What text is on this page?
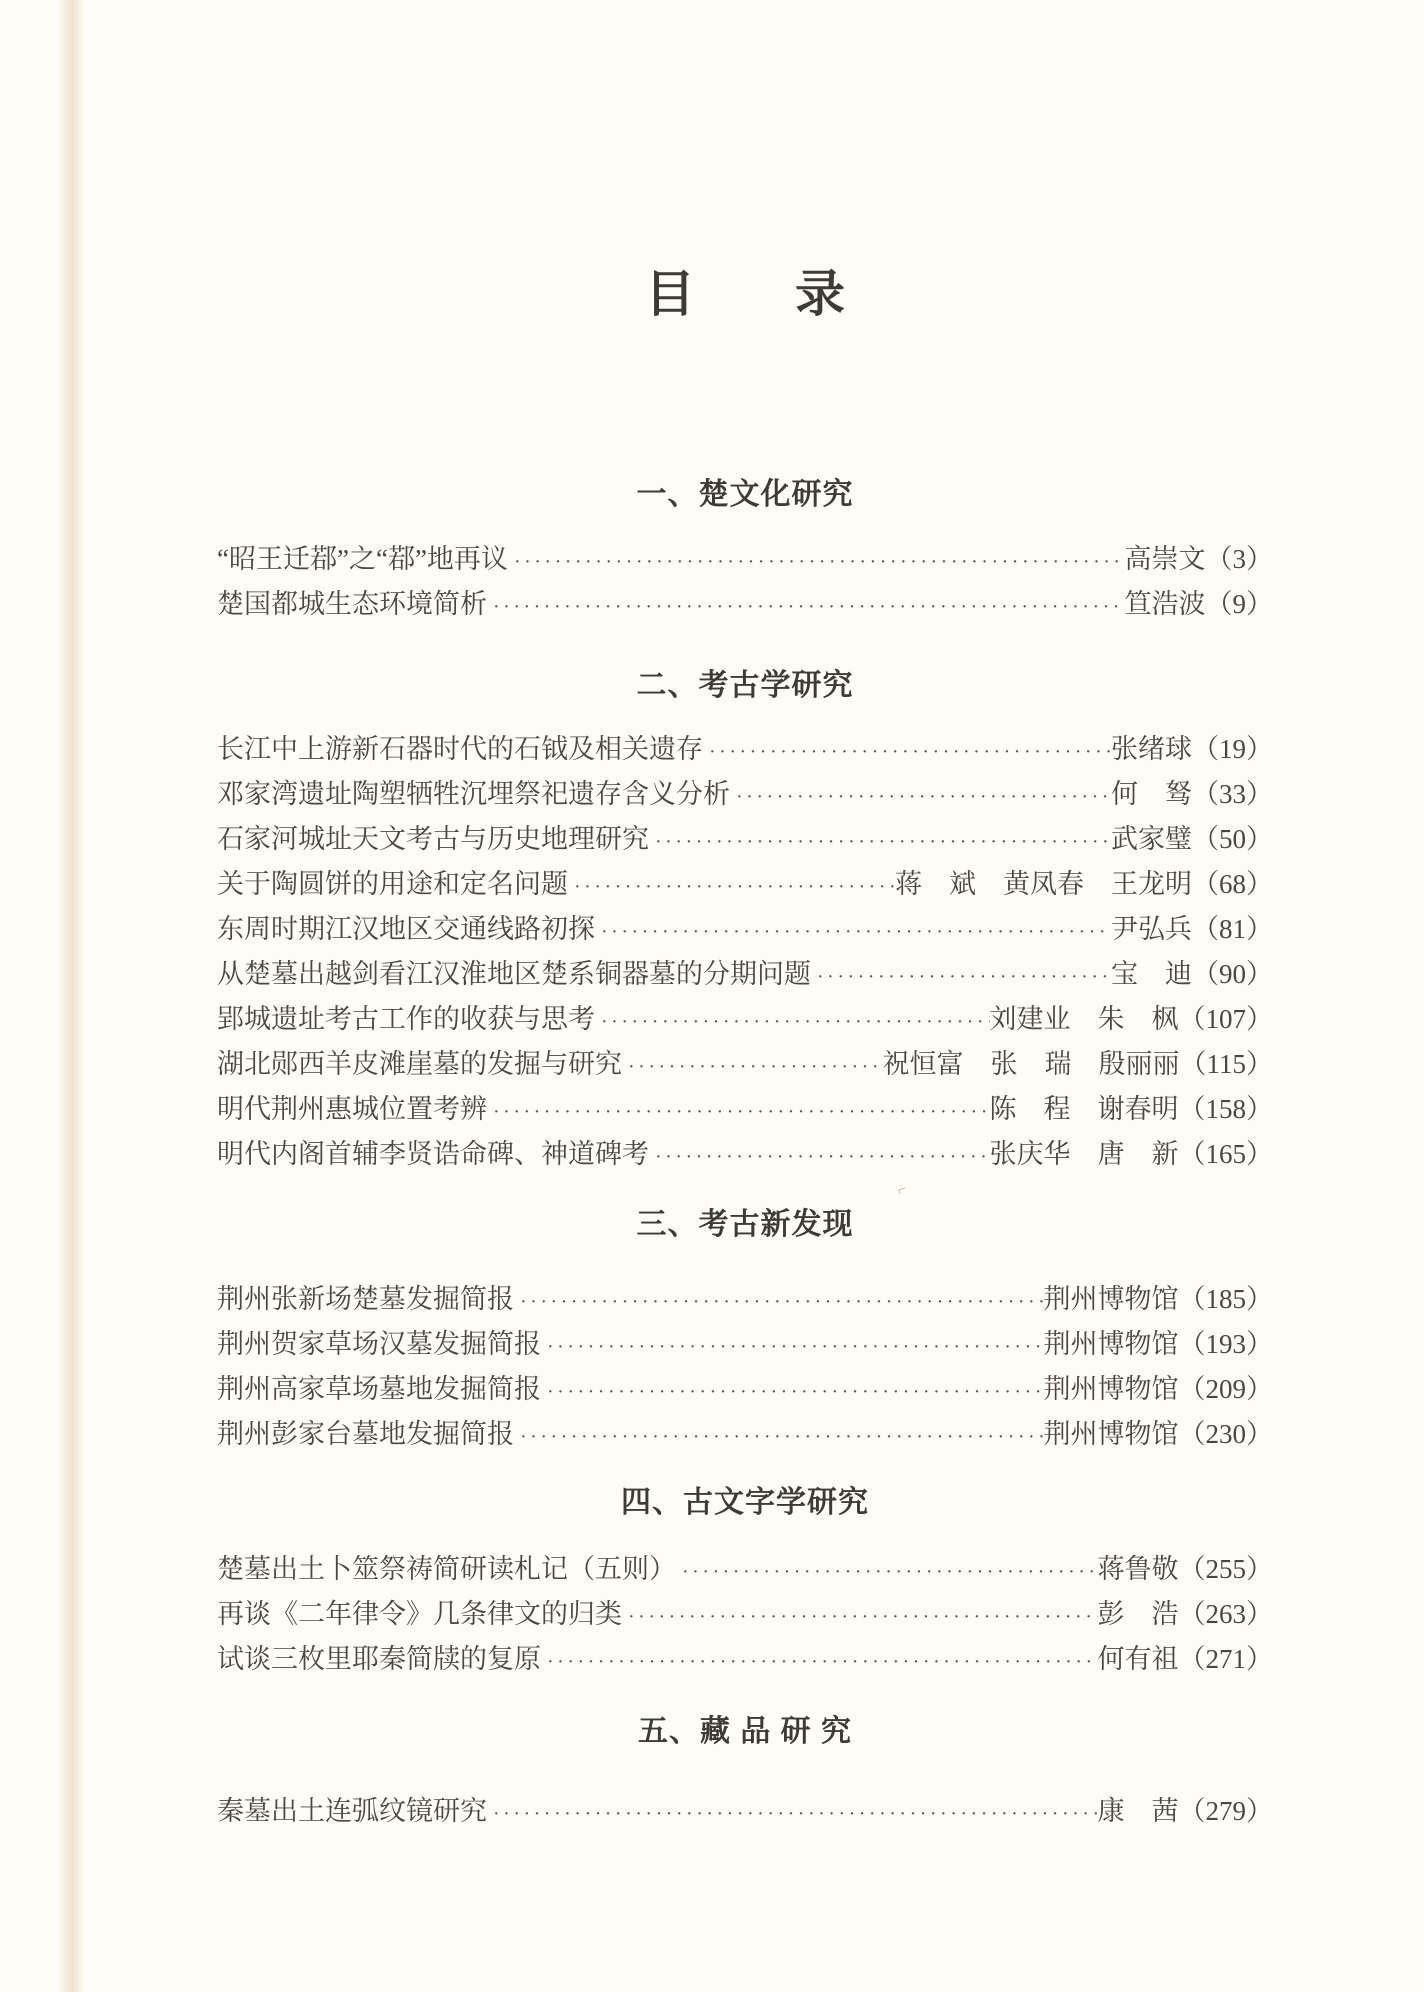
⌐
目　　录
一、楚文化研究
“昭王迁鄀”之“鄀”地再议 ·····	高崇文 （3）
楚国都城生态环境简析 ·····	笪浩波 （9）
二、考古学研究
长江中上游新石器时代的石钺及相关遗存 ·····	张绪球 （19）
邓家湾遗址陶塑牺牲沉埋祭祀遗存含义分析 ·····	何　驽 （33）
石家河城址天文考古与历史地理研究 ·····	武家璧 （50）
关于陶圆饼的用途和定名问题 ·····	蒋　斌　黄凤春　王龙明 （68）
东周时期江汉地区交通线路初探 ·····	尹弘兵 （81）
从楚墓出越剑看江汉淮地区楚系铜器墓的分期问题 ·····	宝　迪 （90）
郢城遗址考古工作的收获与思考 ·····	刘建业　朱　枫 （107）
湖北郧西羊皮滩崖墓的发掘与研究 ·····	祝恒富　张　瑞　殷丽丽 （115）
明代荆州惠城位置考辨 ·····	陈　程　谢春明 （158）
明代内阁首辅李贤诰命碑、神道碑考 ·····	张庆华　唐　新 （165）
三、考古新发现
荆州张新场楚墓发掘简报 ·····	荆州博物馆 （185）
荆州贺家草场汉墓发掘简报 ·····	荆州博物馆 （193）
荆州高家草场墓地发掘简报 ·····	荆州博物馆 （209）
荆州彭家台墓地发掘简报 ·····	荆州博物馆 （230）
四、古文字学研究
楚墓出土卜筮祭祷简研读札记（五则） ·····	蒋鲁敬 （255）
再谈《二年律令》几条律文的归类 ·····	彭　浩 （263）
试谈三枚里耶秦简牍的复原 ·····	何有祖 （271）
五、藏 品 研 究
秦墓出土连弧纹镜研究 ·····	康　茜 （279）
